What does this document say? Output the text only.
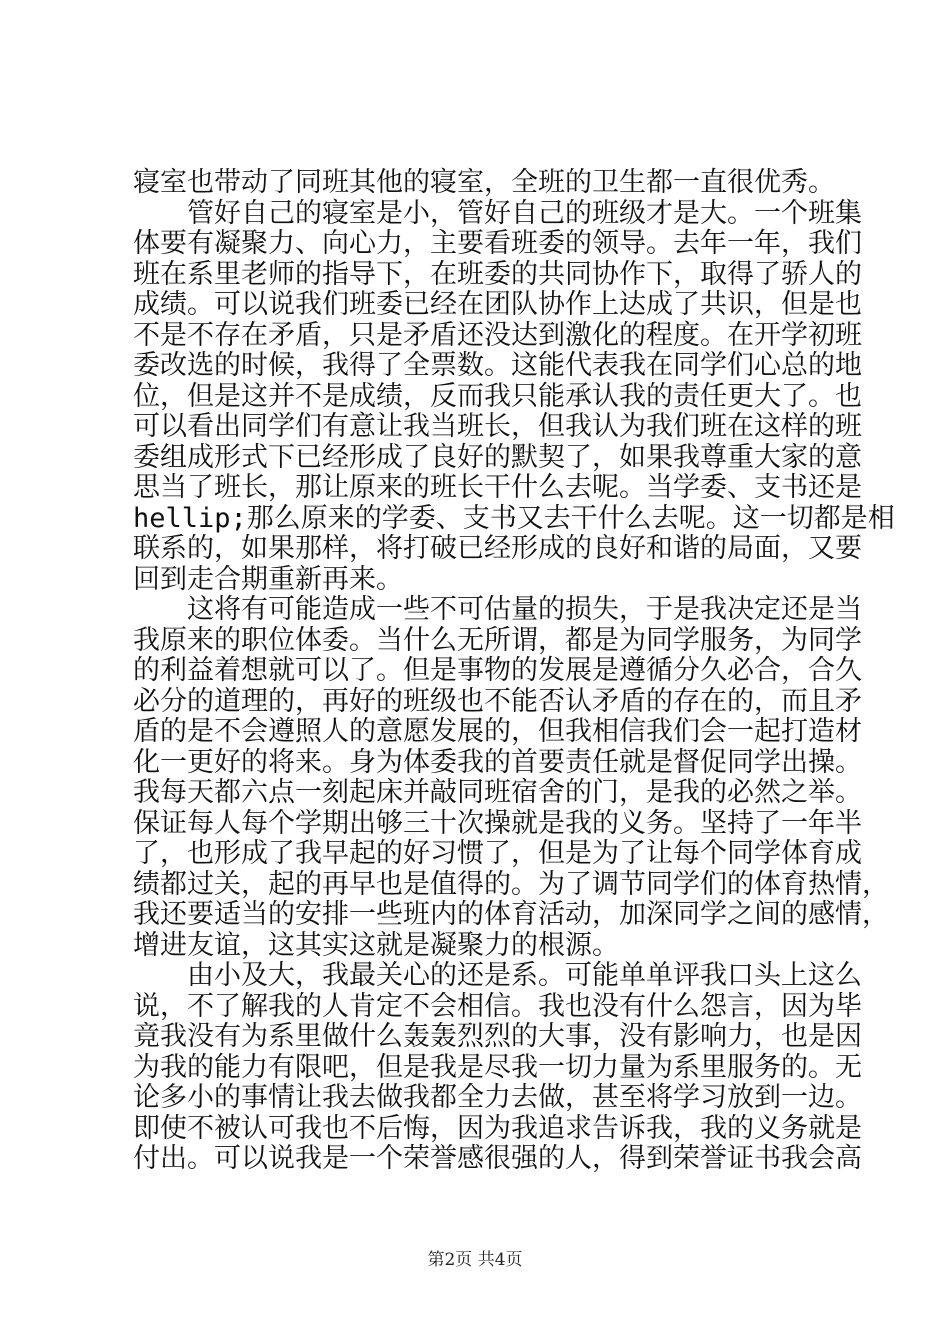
寝室也带动了同班其他的寝室，全班的卫生都一直很优秀。
　　管好自己的寝室是小，管好自己的班级才是大。一个班集
体要有凝聚力、向心力，主要看班委的领导。去年一年，我们
班在系里老师的指导下，在班委的共同协作下，取得了骄人的
成绩。可以说我们班委已经在团队协作上达成了共识，但是也
不是不存在矛盾，只是矛盾还没达到激化的程度。在开学初班
委改选的时候，我得了全票数。这能代表我在同学们心总的地
位，但是这并不是成绩，反而我只能承认我的责任更大了。也
可以看出同学们有意让我当班长，但我认为我们班在这样的班
委组成形式下已经形成了良好的默契了，如果我尊重大家的意
思当了班长，那让原来的班长干什么去呢。当学委、支书还是
hellip;那么原来的学委、支书又去干什么去呢。这一切都是相
联系的，如果那样，将打破已经形成的良好和谐的局面，又要
回到走合期重新再来。
　　这将有可能造成一些不可估量的损失，于是我决定还是当
我原来的职位体委。当什么无所谓，都是为同学服务，为同学
的利益着想就可以了。但是事物的发展是遵循分久必合，合久
必分的道理的，再好的班级也不能否认矛盾的存在的，而且矛
盾的是不会遵照人的意愿发展的，但我相信我们会一起打造材
化一更好的将来。身为体委我的首要责任就是督促同学出操。
我每天都六点一刻起床并敲同班宿舍的门，是我的必然之举。
保证每人每个学期出够三十次操就是我的义务。坚持了一年半
了，也形成了我早起的好习惯了，但是为了让每个同学体育成
绩都过关，起的再早也是值得的。为了调节同学们的体育热情，
我还要适当的安排一些班内的体育活动，加深同学之间的感情，
增进友谊，这其实这就是凝聚力的根源。
　　由小及大，我最关心的还是系。可能单单评我口头上这么
说，不了解我的人肯定不会相信。我也没有什么怨言，因为毕
竟我没有为系里做什么轰轰烈烈的大事，没有影响力，也是因
为我的能力有限吧，但是我是尽我一切力量为系里服务的。无
论多小的事情让我去做我都全力去做，甚至将学习放到一边。
即使不被认可我也不后悔，因为我追求告诉我，我的义务就是
付出。可以说我是一个荣誉感很强的人，得到荣誉证书我会高
第2页 共4页
